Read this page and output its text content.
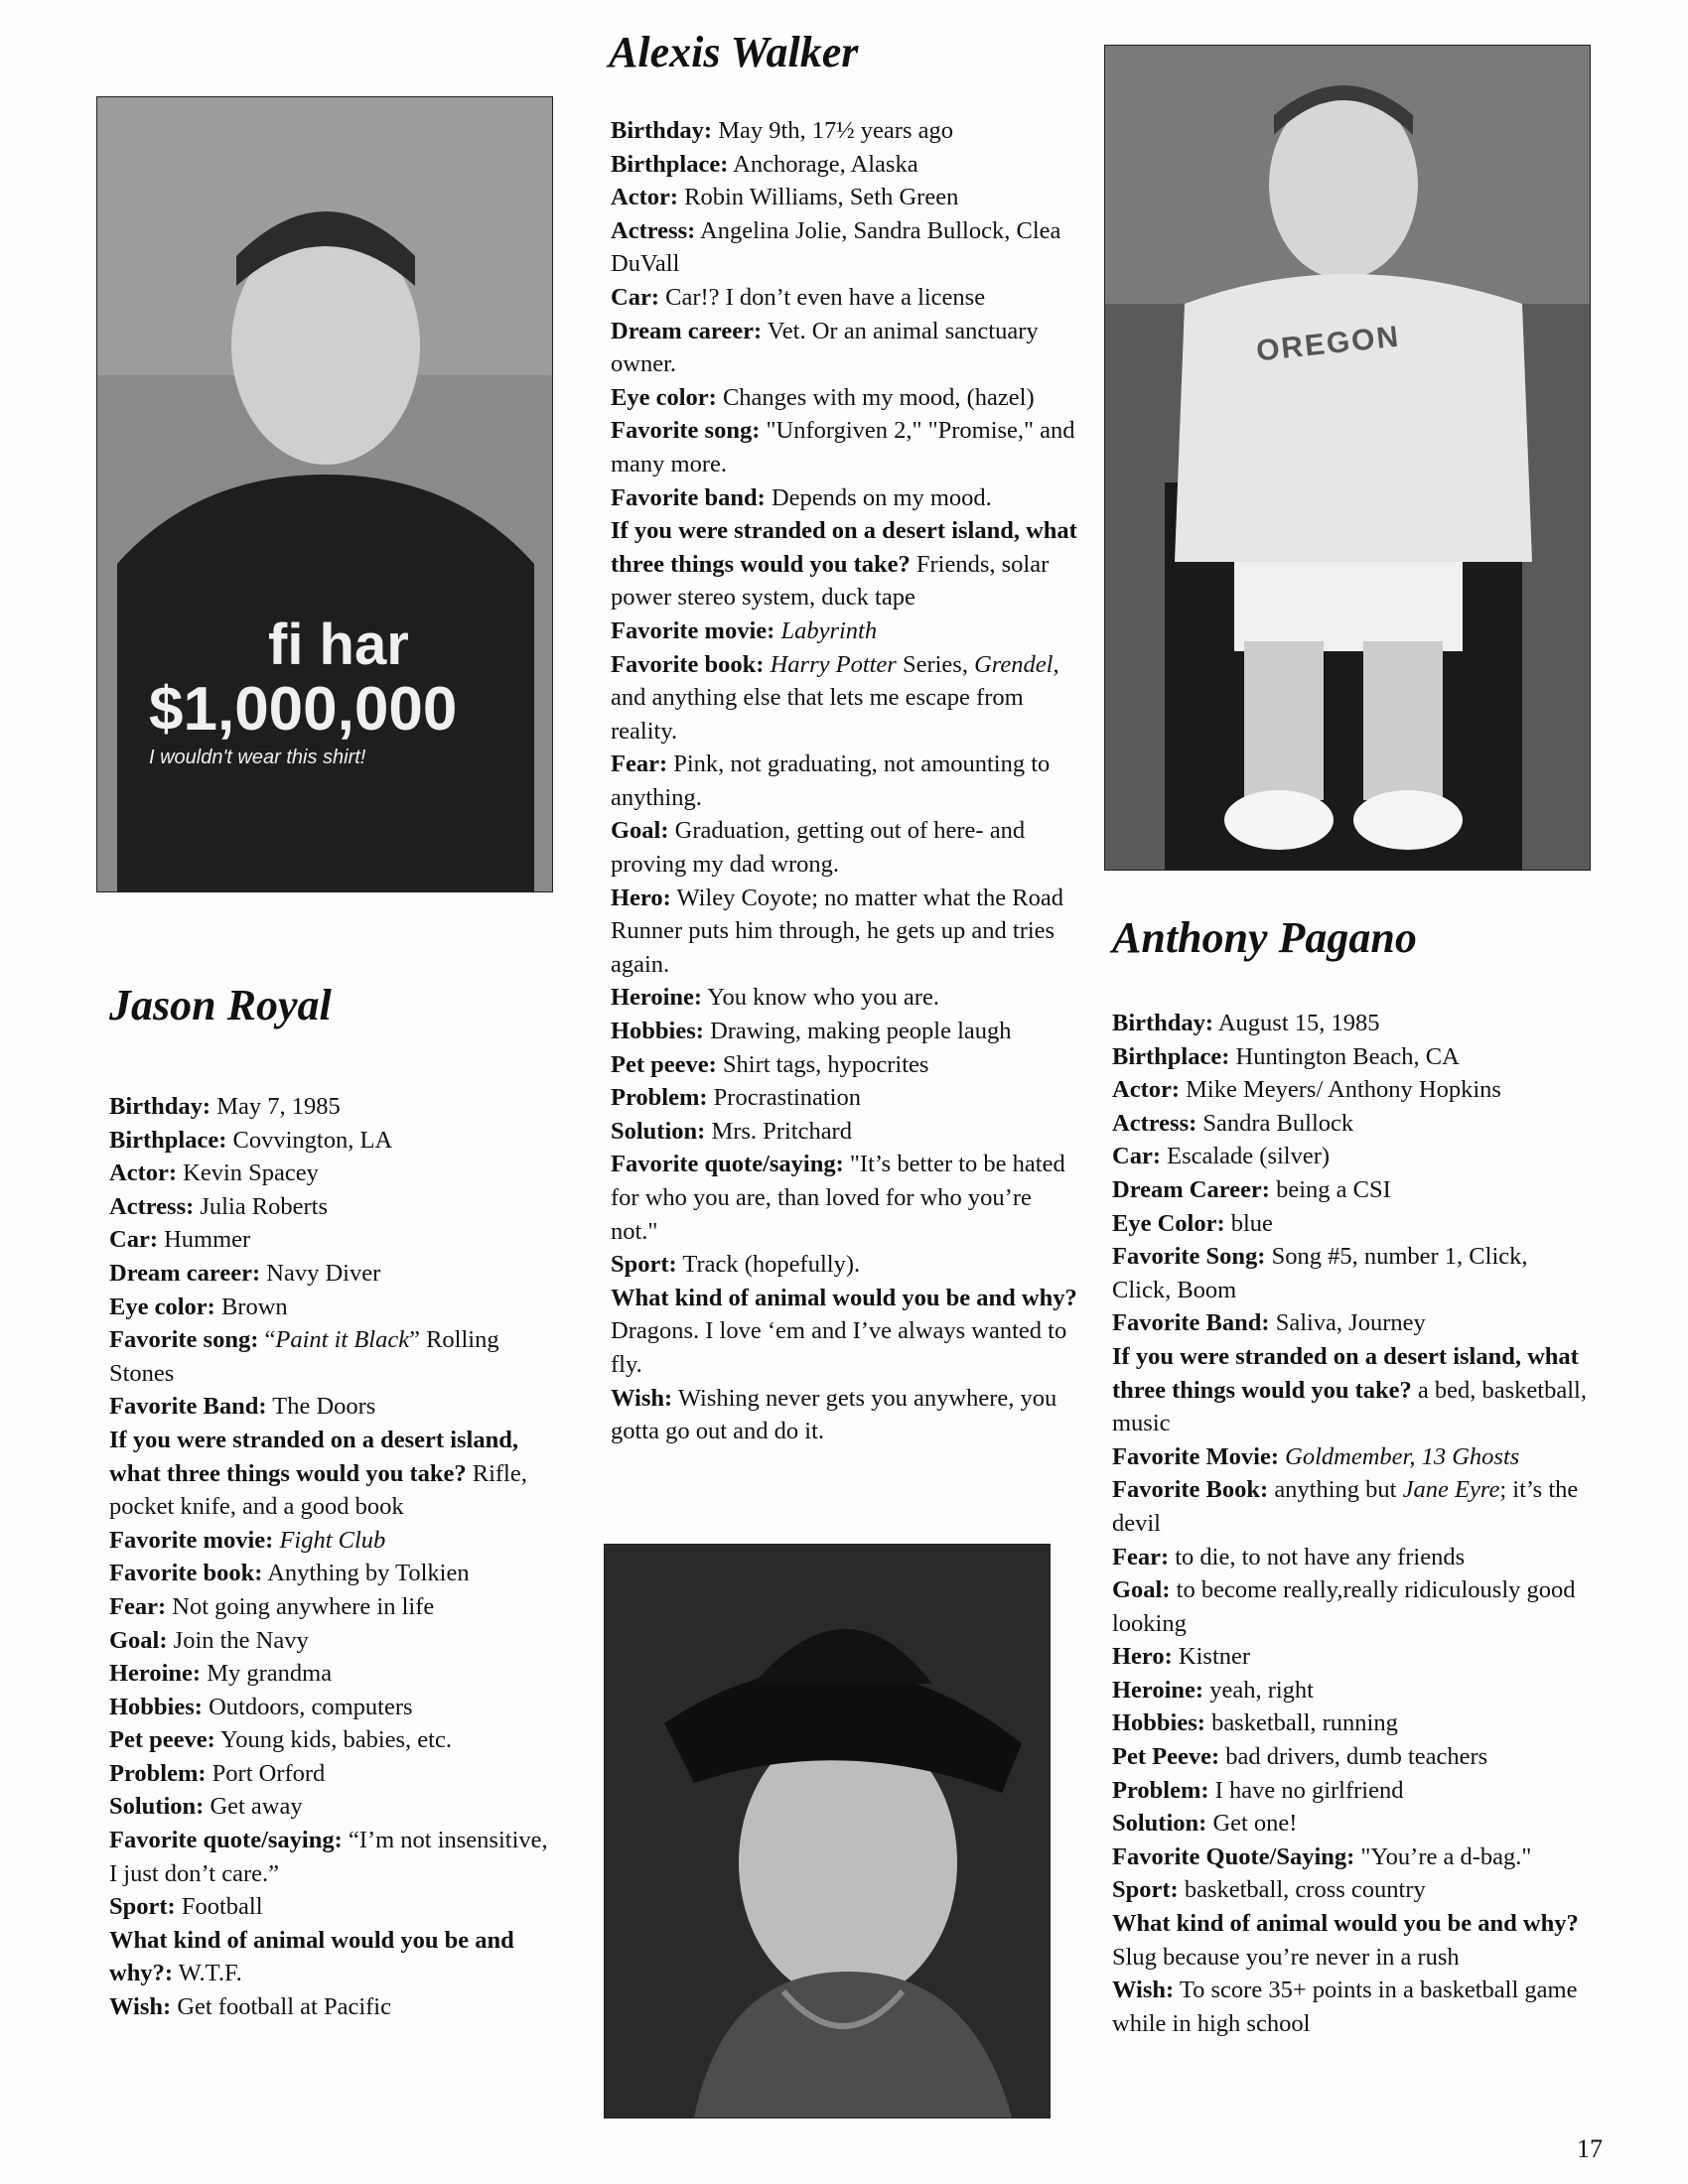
fi har
$1,000,000
I wouldn't wear this shirt!
OREGON
Alexis Walker
Jason Royal
Anthony Pagano

Birthday: May 7, 1985

Birthplace: Covvington, LA

Actor: Kevin Spacey

Actress: Julia Roberts

Car: Hummer

Dream career: Navy Diver

Eye color: Brown

Favorite song: “Paint it Black” Rolling Stones

Favorite Band: The Doors

If you were stranded on a desert island, what three things would you take? Rifle, pocket knife, and a good book

Favorite movie: Fight Club

Favorite book: Anything by Tolkien

Fear: Not going anywhere in life

Goal: Join the Navy

Heroine: My grandma

Hobbies: Outdoors, computers

Pet peeve: Young kids, babies, etc.

Problem: Port Orford

Solution: Get away

Favorite quote/saying: “I’m not insensitive, I just don’t care.”

Sport: Football

What kind of animal would you be and why?: W.T.F.

Wish: Get football at Pacific

Birthday: May 9th, 17½ years ago

Birthplace: Anchorage, Alaska

Actor: Robin Williams, Seth Green

Actress: Angelina Jolie, Sandra Bullock, Clea DuVall

Car: Car!? I don’t even have a license

Dream career: Vet. Or an animal sanctuary owner.

Eye color: Changes with my mood, (hazel)

Favorite song: "Unforgiven 2," "Promise," and many more.

Favorite band: Depends on my mood.

If you were stranded on a desert island, what three things would you take? Friends, solar power stereo system, duck tape

Favorite movie: Labyrinth

Favorite book: Harry Potter Series, Grendel, and anything else that lets me escape from reality.

Fear: Pink, not graduating, not amounting to anything.

Goal: Graduation, getting out of here- and proving my dad wrong.

Hero: Wiley Coyote; no matter what the Road Runner puts him through, he gets up and tries again.

Heroine: You know who you are.

Hobbies: Drawing, making people laugh

Pet peeve: Shirt tags, hypocrites

Problem: Procrastination

Solution: Mrs. Pritchard

Favorite quote/saying: "It’s better to be hated for who you are, than loved for who you’re not."

Sport: Track (hopefully).

What kind of animal would you be and why? Dragons. I love ‘em and I’ve always wanted to fly.

Wish: Wishing never gets you anywhere, you gotta go out and do it.

Birthday: August 15, 1985

Birthplace: Huntington Beach, CA

Actor: Mike Meyers/ Anthony Hopkins

Actress: Sandra Bullock

Car: Escalade (silver)

Dream Career: being a CSI

Eye Color: blue

Favorite Song: Song #5, number 1, Click, Click, Boom

Favorite Band: Saliva, Journey

If you were stranded on a desert island, what three things would you take? a bed, basketball, music

Favorite Movie: Goldmember, 13 Ghosts

Favorite Book: anything but Jane Eyre; it’s the devil

Fear: to die, to not have any friends

Goal: to become really,really ridiculously good looking

Hero: Kistner

Heroine: yeah, right

Hobbies: basketball, running

Pet Peeve: bad drivers, dumb teachers

Problem: I have no girlfriend

Solution: Get one!

Favorite Quote/Saying: "You’re a d-bag."

Sport: basketball, cross country

What kind of animal would you be and why? Slug because you’re never in a rush

Wish: To score 35+ points in a basketball game while in high school

17
